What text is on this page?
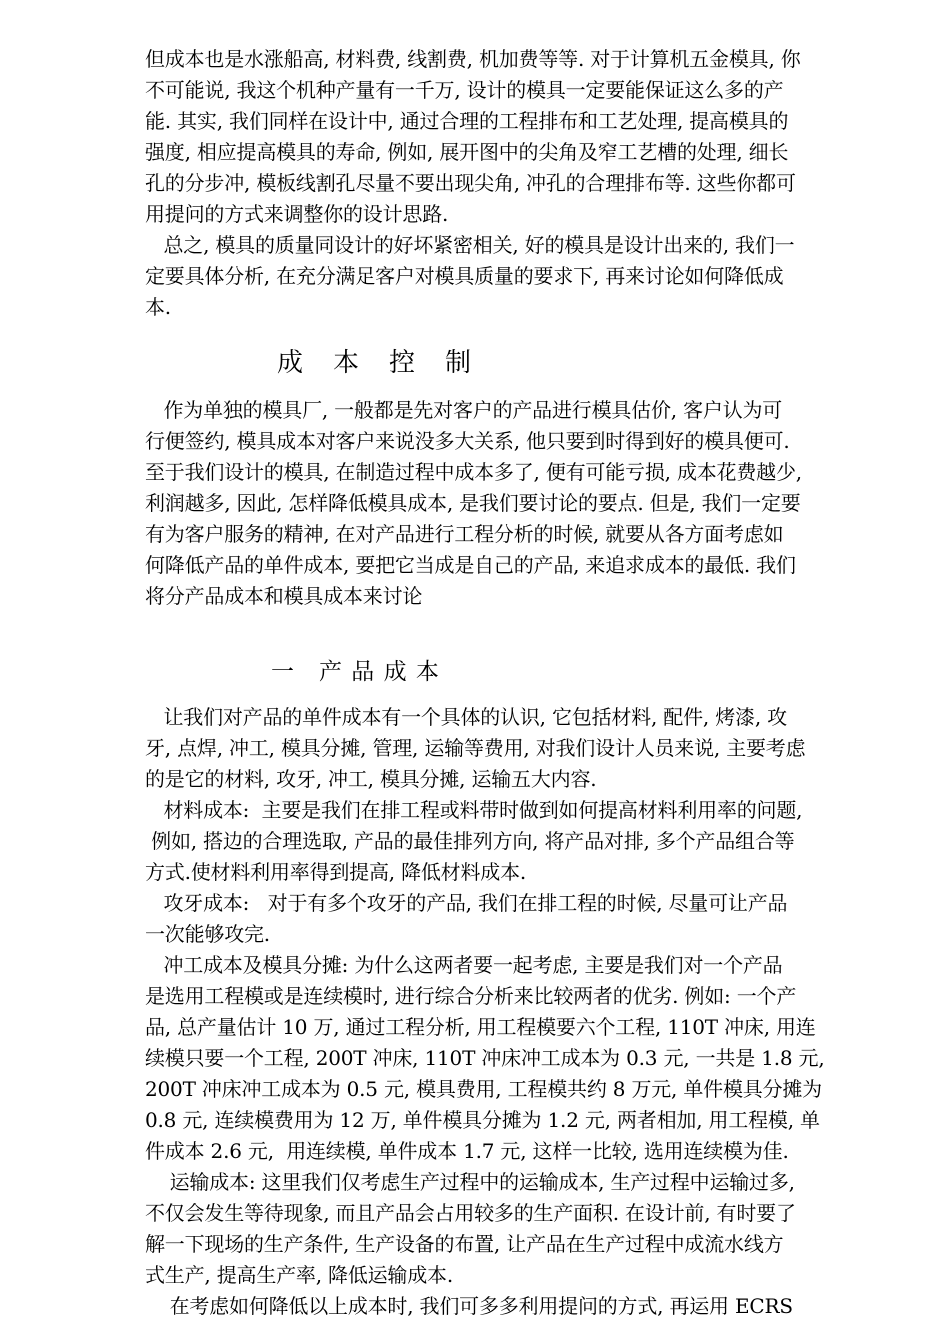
但成本也是水涨船高, 材料费, 线割费, 机加费等等. 对于计算机五金模具, 你
不可能说, 我这个机种产量有一千万, 设计的模具一定要能保证这么多的产
能. 其实, 我们同样在设计中, 通过合理的工程排布和工艺处理, 提高模具的
强度, 相应提高模具的寿命, 例如, 展开图中的尖角及窄工艺槽的处理, 细长
孔的分步冲, 模板线割孔尽量不要出现尖角, 冲孔的合理排布等. 这些你都可
用提问的方式来调整你的设计思路.
总之, 模具的质量同设计的好坏紧密相关, 好的模具是设计出来的, 我们一
定要具体分析, 在充分满足客户对模具质量的要求下, 再来讨论如何降低成
本.
成　本　控　制
作为单独的模具厂, 一般都是先对客户的产品进行模具估价, 客户认为可
行便签约, 模具成本对客户来说没多大关系, 他只要到时得到好的模具便可.
至于我们设计的模具, 在制造过程中成本多了, 便有可能亏损, 成本花费越少,
利润越多, 因此, 怎样降低模具成本, 是我们要讨论的要点. 但是, 我们一定要
有为客户服务的精神, 在对产品进行工程分析的时候, 就要从各方面考虑如
何降低产品的单件成本, 要把它当成是自己的产品, 来追求成本的最低. 我们
将分产品成本和模具成本来讨论
一　产 品 成 本
让我们对产品的单件成本有一个具体的认识, 它包括材料, 配件, 烤漆, 攻
牙, 点焊, 冲工, 模具分摊, 管理, 运输等费用, 对我们设计人员来说, 主要考虑
的是它的材料, 攻牙, 冲工, 模具分摊, 运输五大内容.
材料成本:  主要是我们在排工程或料带时做到如何提高材料利用率的问题,
例如, 搭边的合理选取, 产品的最佳排列方向, 将产品对排, 多个产品组合等
方式.使材料利用率得到提高, 降低材料成本.
攻牙成本:   对于有多个攻牙的产品, 我们在排工程的时候, 尽量可让产品
一次能够攻完.
冲工成本及模具分摊: 为什么这两者要一起考虑, 主要是我们对一个产品
是选用工程模或是连续模时, 进行综合分析来比较两者的优劣. 例如: 一个产
品, 总产量估计 10 万, 通过工程分析, 用工程模要六个工程, 110T 冲床, 用连
续模只要一个工程, 200T 冲床, 110T 冲床冲工成本为 0.3 元, 一共是 1.8 元,
200T 冲床冲工成本为 0.5 元, 模具费用, 工程模共约 8 万元, 单件模具分摊为
0.8 元, 连续模费用为 12 万, 单件模具分摊为 1.2 元, 两者相加, 用工程模, 单
件成本 2.6 元,  用连续模, 单件成本 1.7 元, 这样一比较, 选用连续模为佳.
运输成本: 这里我们仅考虑生产过程中的运输成本, 生产过程中运输过多,
不仅会发生等待现象, 而且产品会占用较多的生产面积. 在设计前, 有时要了
解一下现场的生产条件, 生产设备的布置, 让产品在生产过程中成流水线方
式生产, 提高生产率, 降低运输成本.
在考虑如何降低以上成本时, 我们可多多利用提问的方式, 再运用 ECRS
